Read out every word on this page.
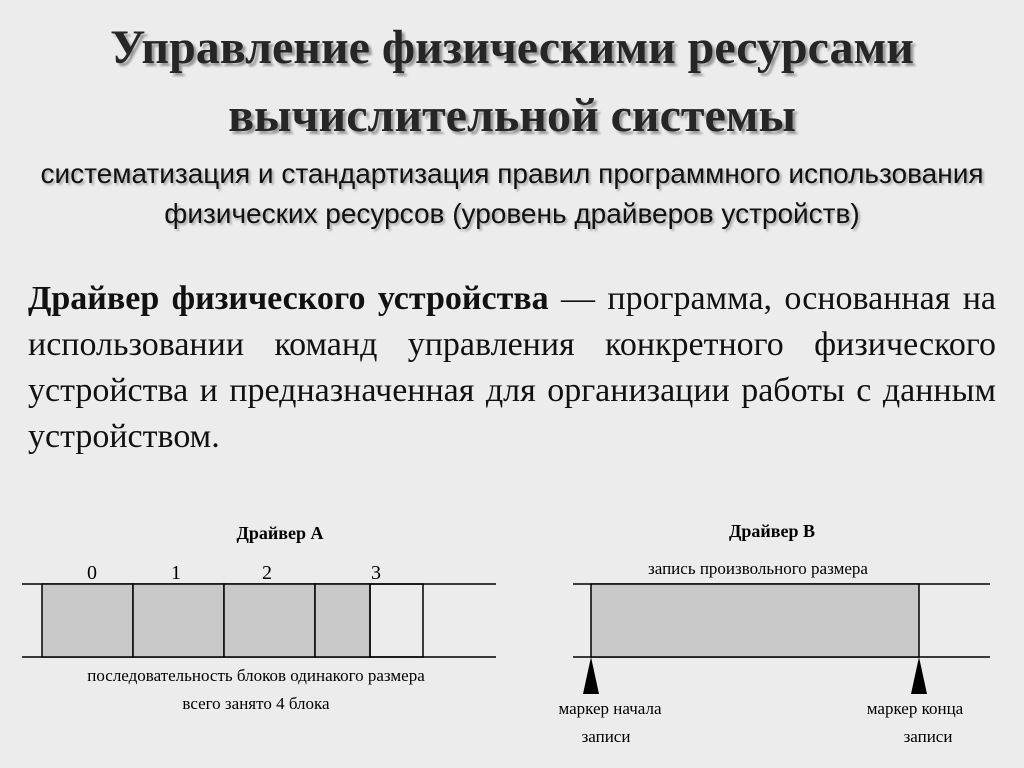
Управление физическими ресурсами
вычислительной системы
систематизация и стандартизация правил программного использования физических ресурсов (уровень драйверов устройств)
Драйвер физического устройства — программа, основанная на использовании команд управления конкретного физического устройства и предназначенная для организации работы с данным устройством.
Драйвер А
0	1	2	3
последовательность блоков одинакого размера
всего занято 4 блока
Драйвер В
запись произвольного размера
маркер начала
записи
маркер конца
записи
